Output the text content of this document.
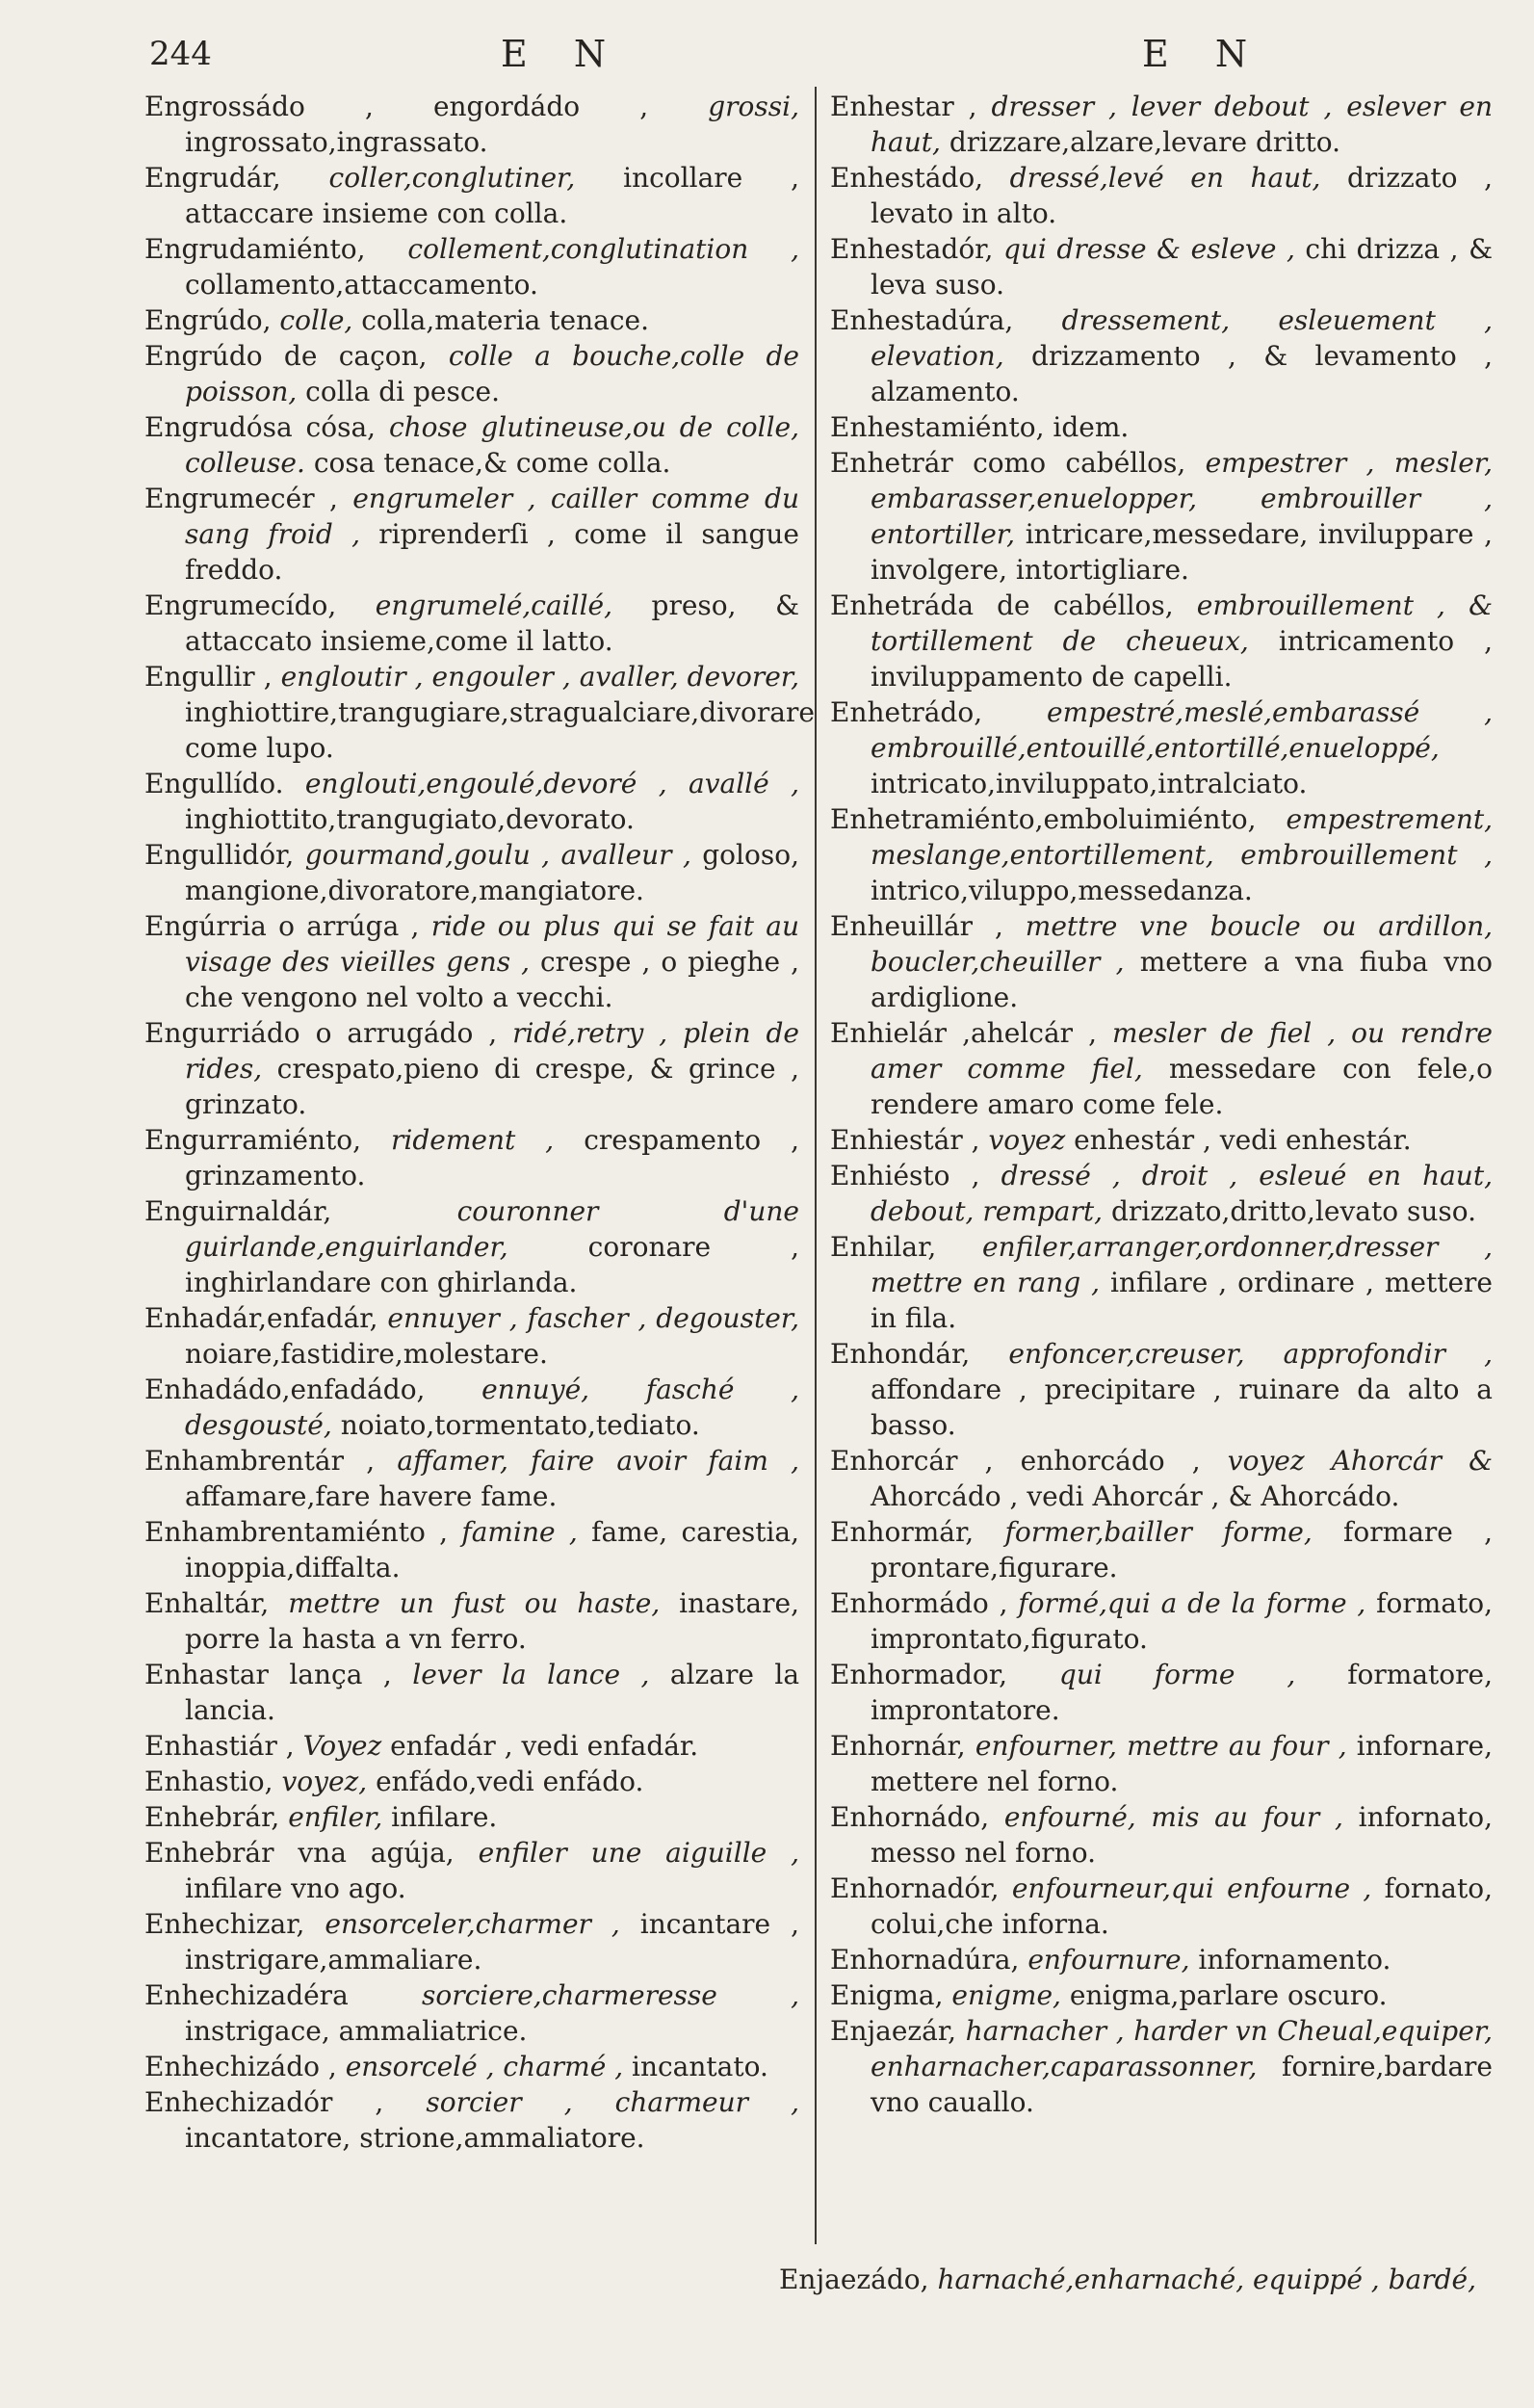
244	E N	E N

Engrossádo , engordádo , grossi, ingrossato,ingrassato.

Engrudár, coller,conglutiner, incollare , attaccare insieme con colla.

Engrudamiénto, collement,conglutination , collamento,attaccamento.

Engrúdo, colle, colla,materia tenace.

Engrúdo de caçon, colle a bouche,colle de poisson, colla di pesce.

Engrudósa cósa, chose glutineuse,ou de colle, colleuse. cosa tenace,& come colla.

Engrumecér , engrumeler , cailler comme du sang froid , riprenderſi , come il sangue freddo.

Engrumecído, engrumelé,caillé, preso, & attaccato insieme,come il latto.

Engullir , engloutir , engouler , avaller, devorer, inghiottire,trangugiare,stragualciare,divorare come lupo.

Engullído. englouti,engoulé,devoré , avallé , inghiottito,trangugiato,devorato.

Engullidór, gourmand,goulu , avalleur , goloso, mangione,divoratore,mangiatore.

Engúrria o arrúga , ride ou plus qui se fait au visage des vieilles gens , crespe , o pieghe , che vengono nel volto a vecchi.

Engurriádo o arrugádo , ridé,retry , plein de rides, crespato,pieno di crespe, & grince , grinzato.

Engurramiénto, ridement , crespamento , grinzamento.

Enguirnaldár,	couronner d'une guirlande,enguirlander,	coronare , inghirlandare con ghirlanda.

Enhadár,enfadár, ennuyer , fascher , degouster, noiare,fastidire,molestare.

Enhadádo,enfadádo, ennuyé, fasché , desgousté, noiato,tormentato,tediato.

Enhambrentár , affamer, faire avoir faim , affamare,fare havere fame.

Enhambrentamiénto , famine , fame, carestia, inoppia,diffalta.

Enhaltár, mettre un fust ou haste, inastare, porre la hasta a vn ferro.

Enhastar lança , lever la lance , alzare la lancia.

Enhastiár , Voyez enfadár , vedi enfadár.

Enhastio, voyez, enfádo,vedi enfádo.

Enhebrár, enfiler, infilare.

Enhebrár vna agúja, enfiler une aiguille , infilare vno ago.

Enhechizar, ensorceler,charmer , incantare , instrigare,ammaliare.

Enhechizadéra	sorciere,charmeresse , instrigace, ammaliatrice.

Enhechizádo , ensorcelé , charmé , incantato.

Enhechizadór , sorcier , charmeur , incantatore, strione,ammaliatore.

Enhestar , dresser , lever debout , eslever en haut, drizzare,alzare,levare dritto.

Enhestádo, dressé,levé en haut, drizzato , levato in alto.

Enhestadór, qui dresse & esleve , chi drizza , & leva suso.

Enhestadúra, dressement, esleuement , elevation, drizzamento , & levamento , alzamento.

Enhestamiénto, idem.

Enhetrár como cabéllos, empestrer , mesler, embarasser,enuelopper, embrouiller , entortiller, intricare,messedare, inviluppare , involgere, intortigliare.

Enhetráda de cabéllos, embrouillement , & tortillement de cheueux, intricamento , inviluppamento de capelli.

Enhetrádo, empestré,meslé,embarassé , embrouillé,entouillé,entortillé,enueloppé, intricato,inviluppato,intralciato.

Enhetramiénto,emboluimiénto, empestrement, meslange,entortillement, embrouillement , intrico,viluppo,messedanza.

Enheuillár , mettre vne boucle ou ardillon, boucler,cheuiller , mettere a vna fiuba vno ardiglione.

Enhielár ,ahelcár , mesler de fiel , ou rendre amer comme fiel, messedare con fele,o rendere amaro come fele.

Enhiestár , voyez enhestár , vedi enhestár.

Enhiésto , dressé , droit , esleué en haut, debout, rempart, drizzato,dritto,levato suso.

Enhilar, enfiler,arranger,ordonner,dresser , mettre en rang , infilare , ordinare , mettere in fila.

Enhondár, enfoncer,creuser, approfondir , affondare , precipitare , ruinare da alto a basso.

Enhorcár , enhorcádo , voyez Ahorcár & Ahorcádo , vedi Ahorcár , & Ahorcádo.

Enhormár, former,bailler forme, formare , prontare,figurare.

Enhormádo , formé,qui a de la forme , formato, improntato,figurato.

Enhormador, qui forme , formatore, improntatore.

Enhornár, enfourner, mettre au four , infornare, mettere nel forno.

Enhornádo, enfourné, mis au four , infornato, messo nel forno.

Enhornadór, enfourneur,qui enfourne , fornato, colui,che inforna.

Enhornadúra, enfournure, infornamento.

Enigma, enigme, enigma,parlare oscuro.

Enjaezár, harnacher , harder vn Cheual,equiper, enharnacher,caparassonner, fornire,bardare vno cauallo.

Enjaezádo, harnaché,enharnaché, equippé , bardé,
